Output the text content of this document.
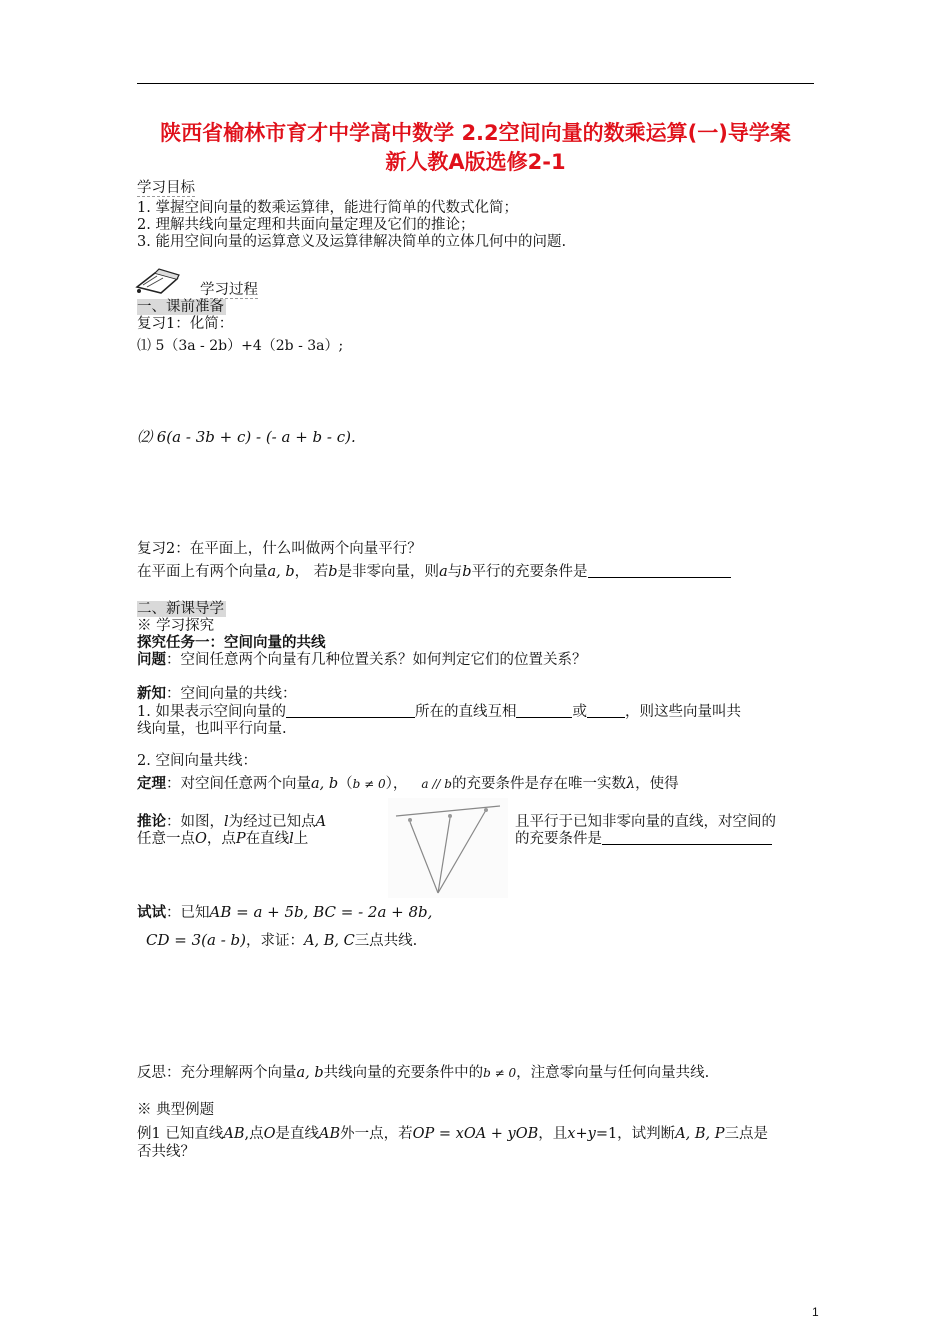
陕西省榆林市育才中学高中数学 2.2空间向量的数乘运算(一)导学案
新人教A版选修2-1
学习目标
1. 掌握空间向量的数乘运算律，能进行简单的代数式化简；
2. 理解共线向量定理和共面向量定理及它们的推论；
3. 能用空间向量的运算意义及运算律解决简单的立体几何中的问题.
学习过程
一、课前准备
复习1：化简：
⑴ 5（3a - 2b）+4（2b - 3a）;
⑵ 6(a - 3b + c) - (- a + b - c).
复习2：在平面上，什么叫做两个向量平行？
在平面上有两个向量a, b， 若b是非零向量，则a与b平行的充要条件是
二、新课导学
※ 学习探究
探究任务一：空间向量的共线
问题：空间任意两个向量有几种位置关系？如何判定它们的位置关系？
新知：空间向量的共线：
1. 如果表示空间向量的	所在的直线互相	或	，则这些向量叫共
线向量，也叫平行向量.
2. 空间向量共线：
定理：对空间任意两个向量a, b（b ≠ 0）， a // b的充要条件是存在唯一实数λ，使得
推论：如图，l为经过已知点A	且平行于已知非零向量的直线，对空间的
任意一点O，点P在直线l上	的充要条件是
试试：已知AB = a + 5b, BC = - 2a + 8b,
CD = 3(a - b)，求证：A, B, C三点共线.
反思：充分理解两个向量a, b共线向量的充要条件中的b ≠ 0，注意零向量与任何向量共线.
※ 典型例题
例1 已知直线AB,点O是直线AB外一点，若OP = xOA + yOB，且x+y=1，试判断A, B, P三点是
否共线？
1
